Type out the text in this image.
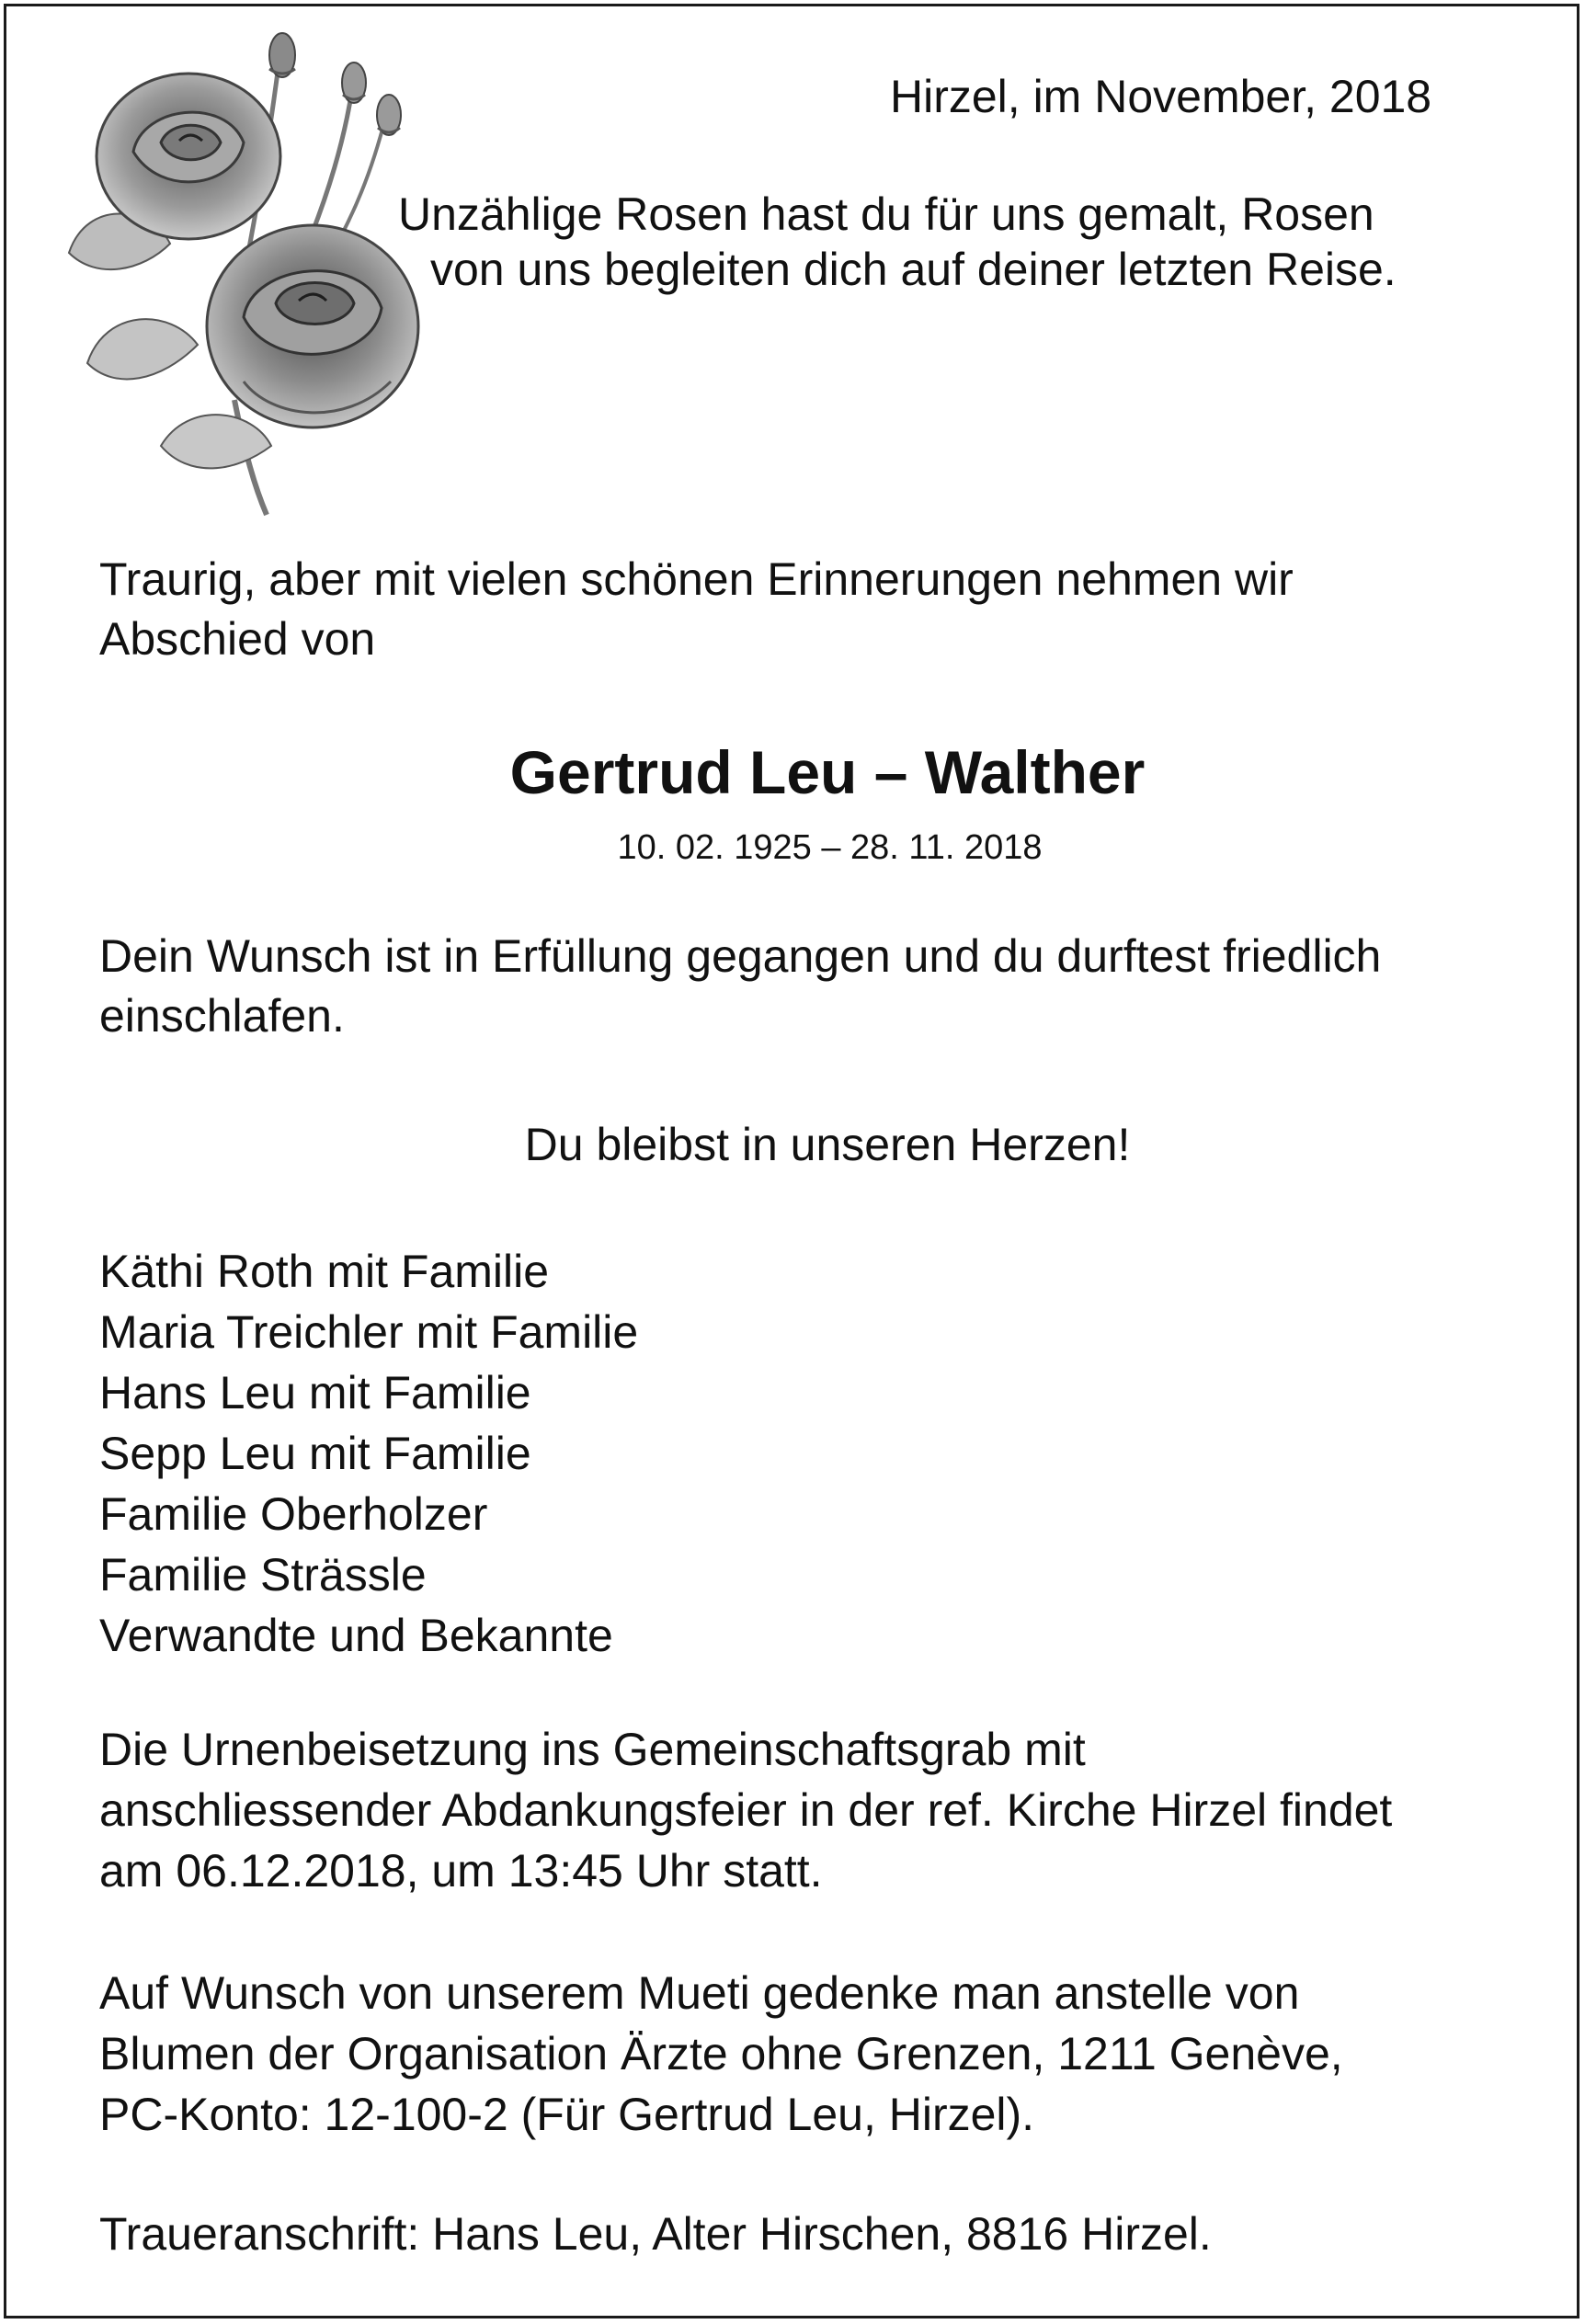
Hirzel, im November, 2018
Unzählige Rosen hast du für uns gemalt, Rosen
von uns begleiten dich auf deiner letzten Reise.
Traurig, aber mit vielen schönen Erinnerungen nehmen wir
Abschied von
Gertrud Leu – Walther
10. 02. 1925 – 28. 11. 2018
Dein Wunsch ist in Erfüllung gegangen und du durftest friedlich
einschlafen.
Du bleibst in unseren Herzen!
Käthi Roth mit Familie
Maria Treichler mit Familie
Hans Leu mit Familie
Sepp Leu mit Familie
Familie Oberholzer
Familie Strässle
Verwandte und Bekannte
Die Urnenbeisetzung ins Gemeinschaftsgrab mit
anschliessender Abdankungsfeier in der ref. Kirche Hirzel findet
am 06.12.2018, um 13:45 Uhr statt.
Auf Wunsch von unserem Mueti gedenke man anstelle von
Blumen der Organisation Ärzte ohne Grenzen, 1211 Genève,
PC-Konto: 12-100-2 (Für Gertrud Leu, Hirzel).
Traueranschrift: Hans Leu, Alter Hirschen, 8816 Hirzel.
